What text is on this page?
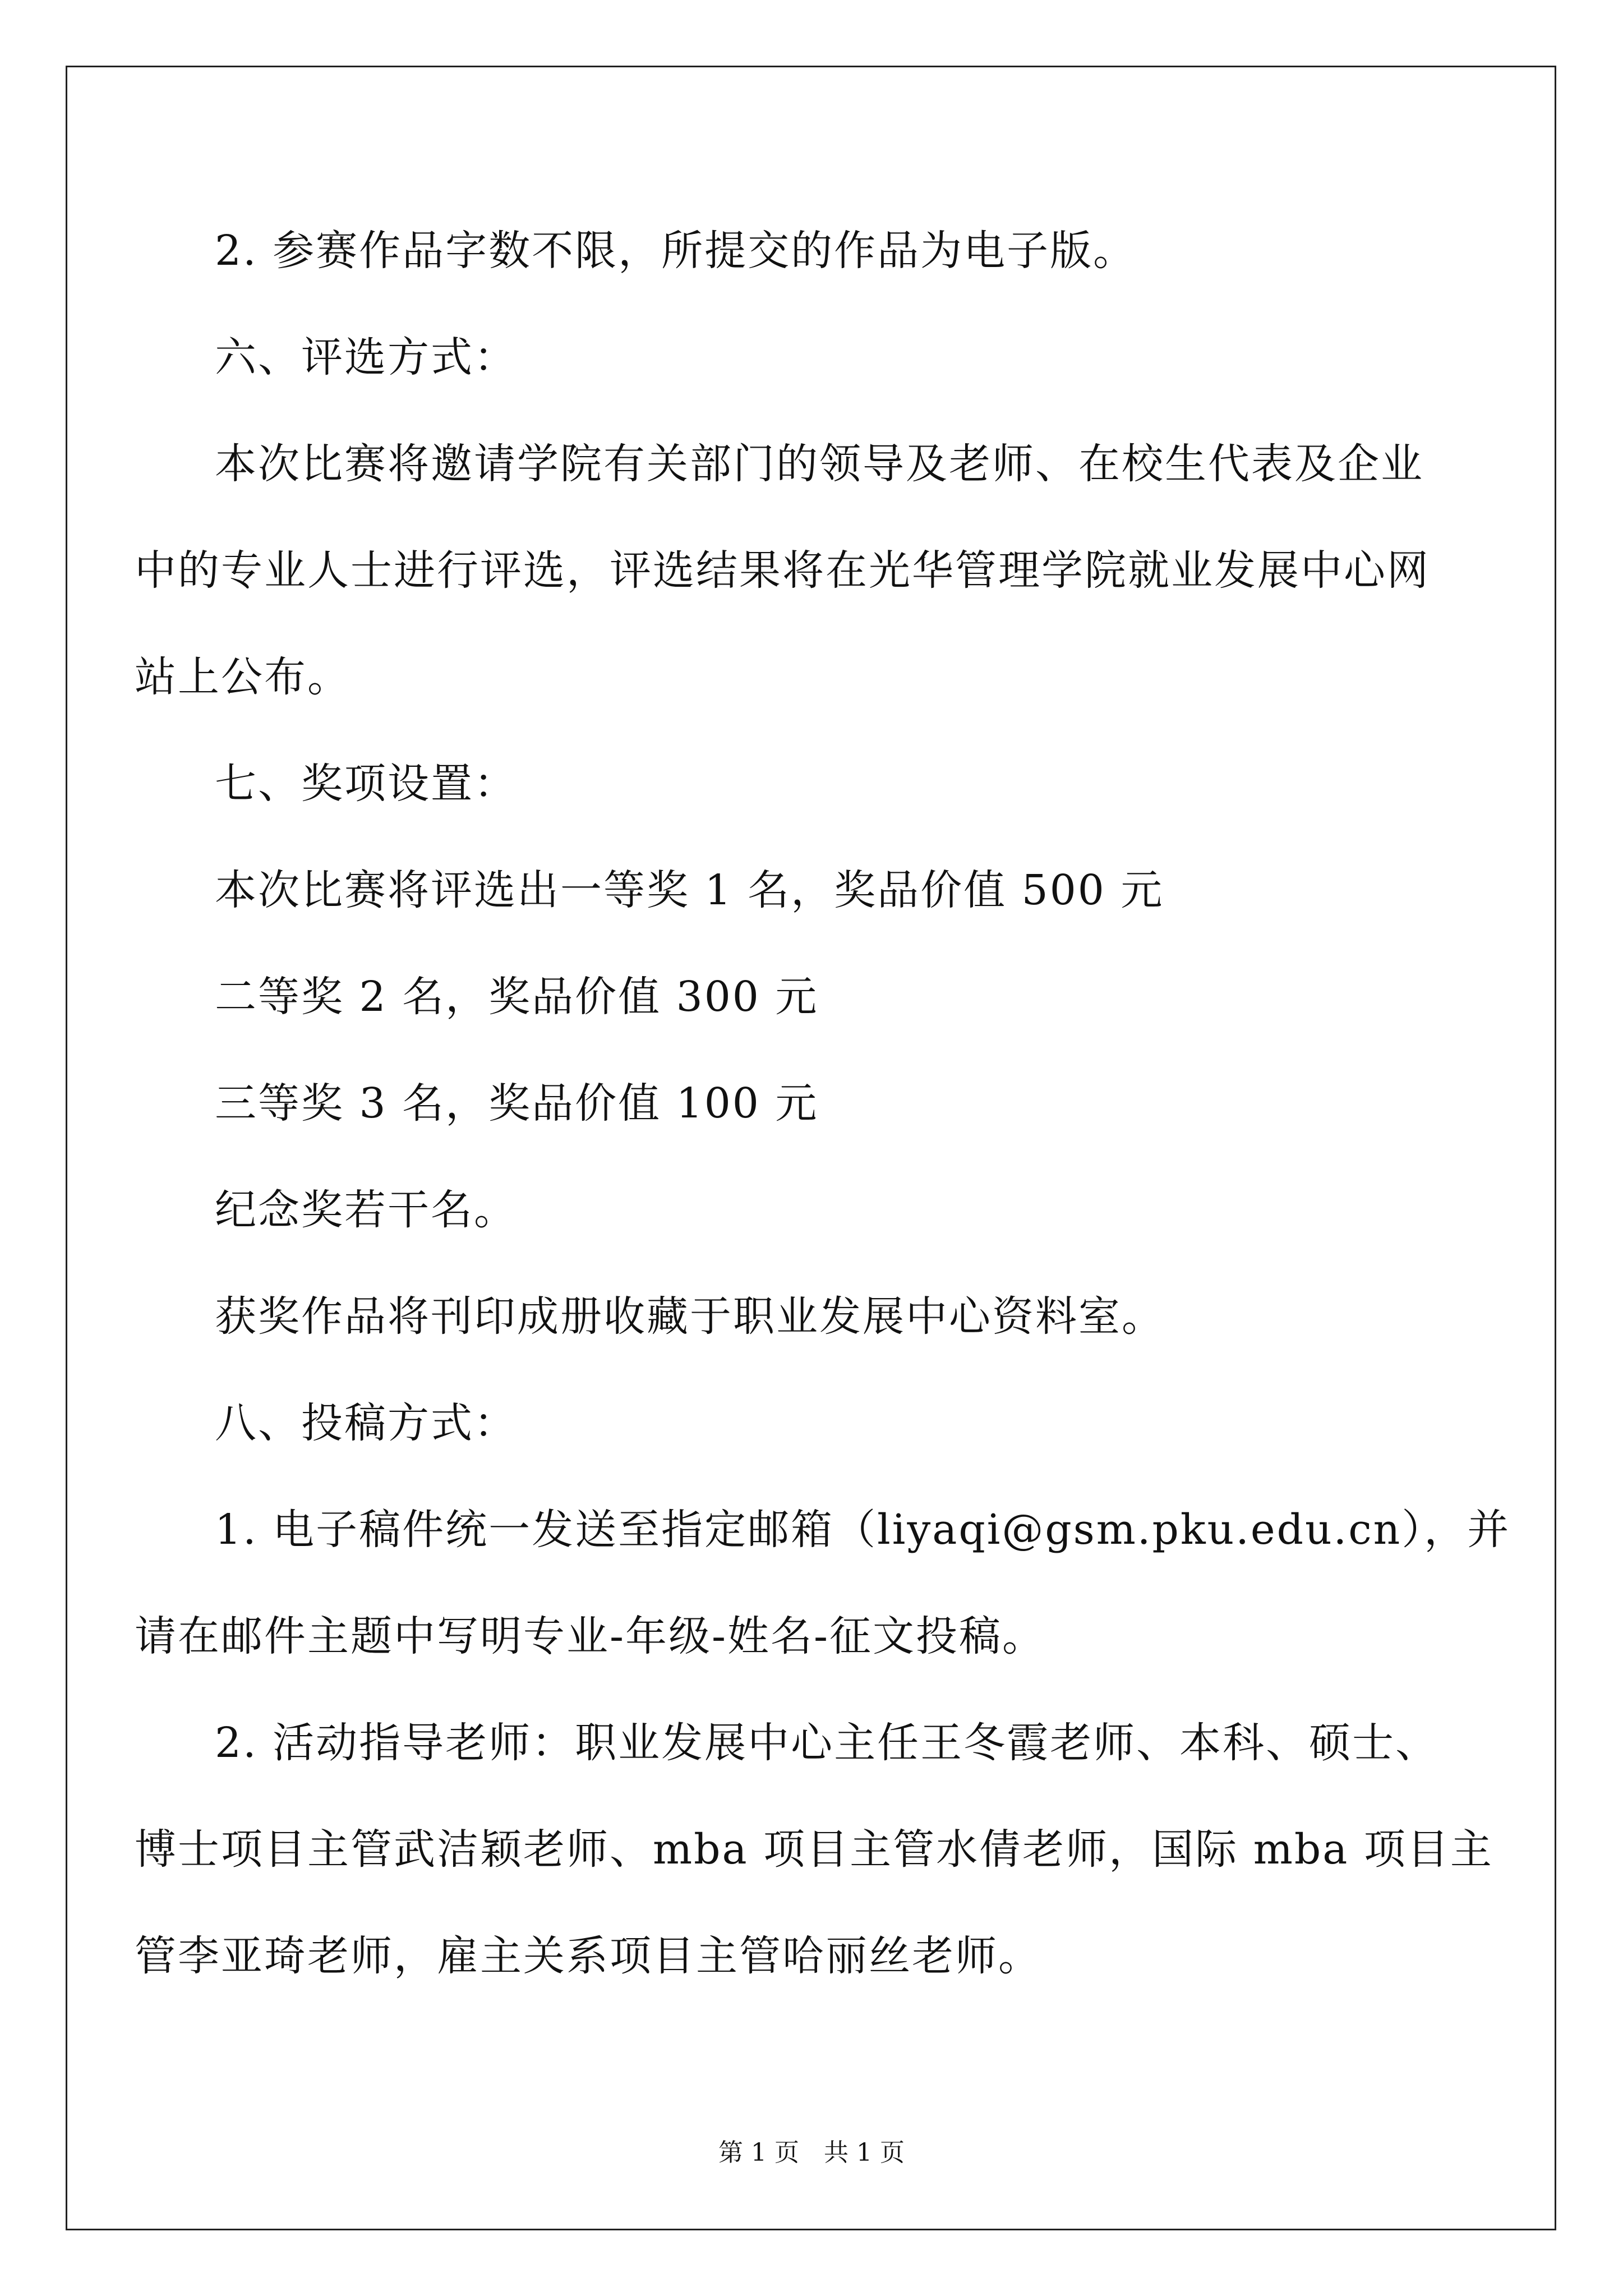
2. 参赛作品字数不限，所提交的作品为电子版。
六、评选方式：
本次比赛将邀请学院有关部门的领导及老师、在校生代表及企业
中的专业人士进行评选，评选结果将在光华管理学院就业发展中心网
站上公布。
七、奖项设置：
本次比赛将评选出一等奖 1 名，奖品价值 500 元
二等奖 2 名，奖品价值 300 元
三等奖 3 名，奖品价值 100 元
纪念奖若干名。
获奖作品将刊印成册收藏于职业发展中心资料室。
八、投稿方式：
1. 电子稿件统一发送至指定邮箱（liyaqi@gsm.pku.edu.cn），并
请在邮件主题中写明专业-年级-姓名-征文投稿。
2. 活动指导老师：职业发展中心主任王冬霞老师、本科、硕士、
博士项目主管武洁颖老师、mba 项目主管水倩老师，国际 mba 项目主
管李亚琦老师，雇主关系项目主管哈丽丝老师。
第 1 页　共 1 页
